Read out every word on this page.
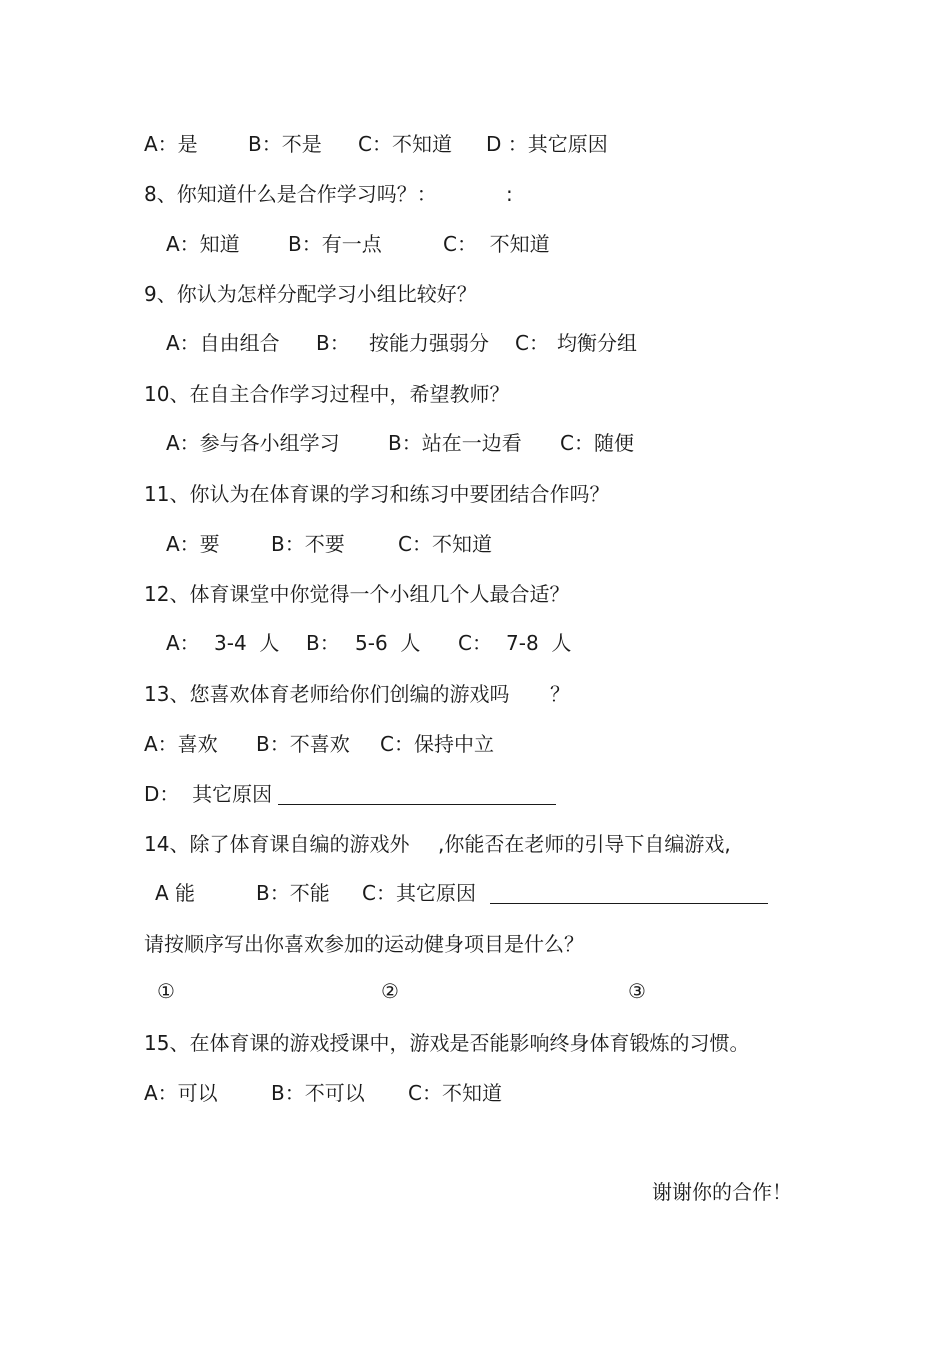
A：是

	B：不是

C：不知道

D ：其它原因

8、你知道什么是合作学习吗？：

	:

A：知道

B：有一点

	C：  不知道

9、你认为怎样分配学习小组比较好？

A：自由组合

B：

按能力强弱分

C：

均衡分组

10、在自主合作学习过程中，希望教师？

A：参与各小组学习

B：站在一边看

C：随便

11、你认为在体育课的学习和练习中要团结合作吗？

A：要

	B：不要

	C：不知道

12、体育课堂中你觉得一个小组几个人最合适？

A：

3-4  人

B：

5-6  人

C：

7-8  人

13、您喜欢体育老师给你们创编的游戏吗

？

A：喜欢

B：不喜欢

C：保持中立

D：  其它原因

14、除了体育课自编的游戏外

,你能否在老师的引导下自编游戏,

A 能

	B：不能

C：其它原因

请按顺序写出你喜欢参加的运动健身项目是什么？

①

	②

	③

15、在体育课的游戏授课中，游戏是否能影响终身体育锻炼的习惯。

A：可以

	B：不可以

C：不知道

谢谢你的合作！
